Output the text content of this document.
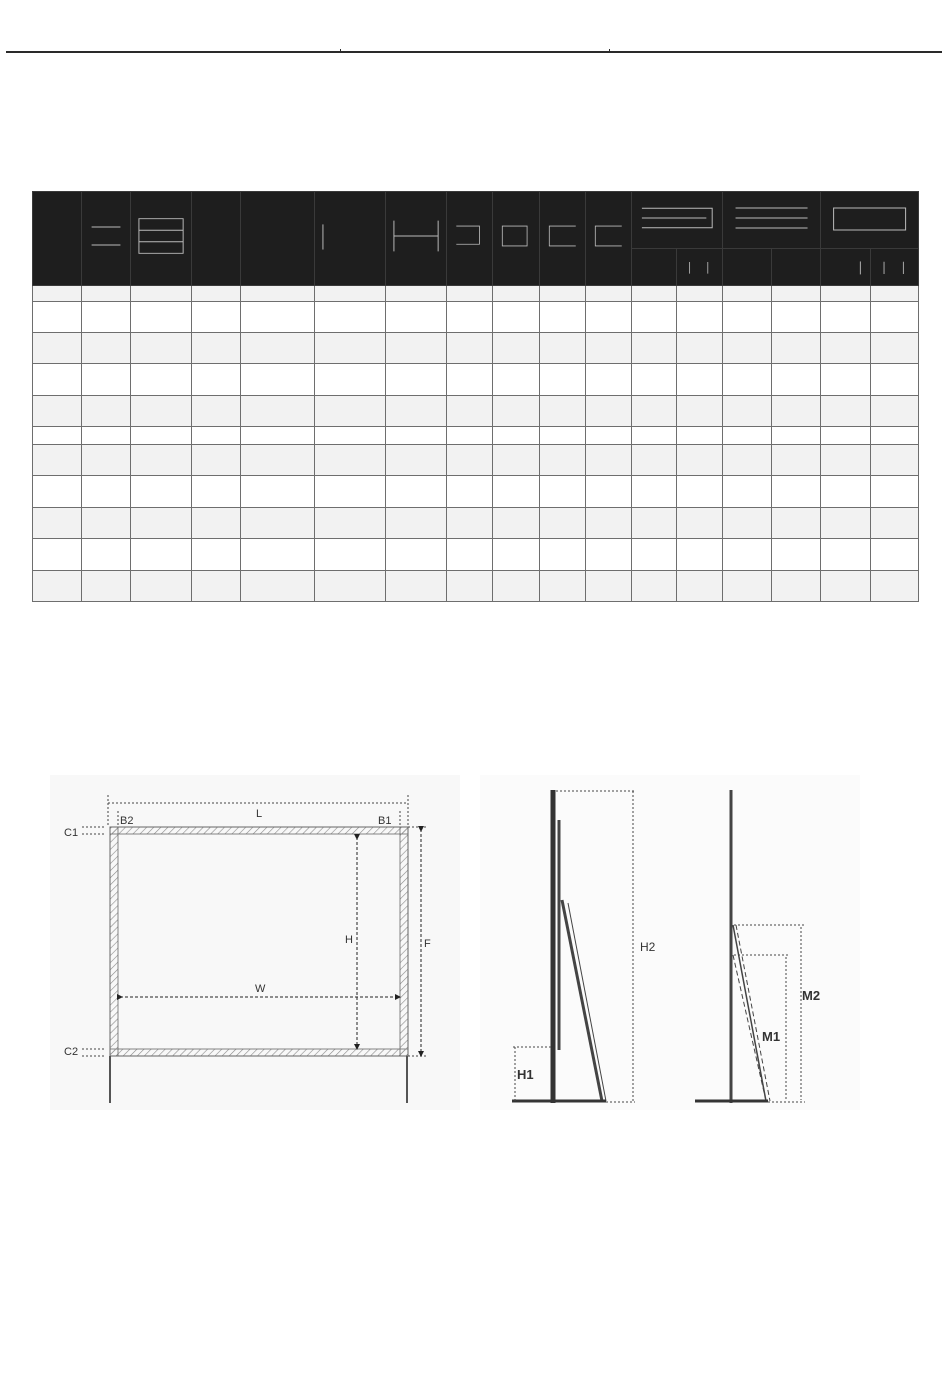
L
B2	B1
C1
C2
H
W
F	H2
H1
M1
M2
